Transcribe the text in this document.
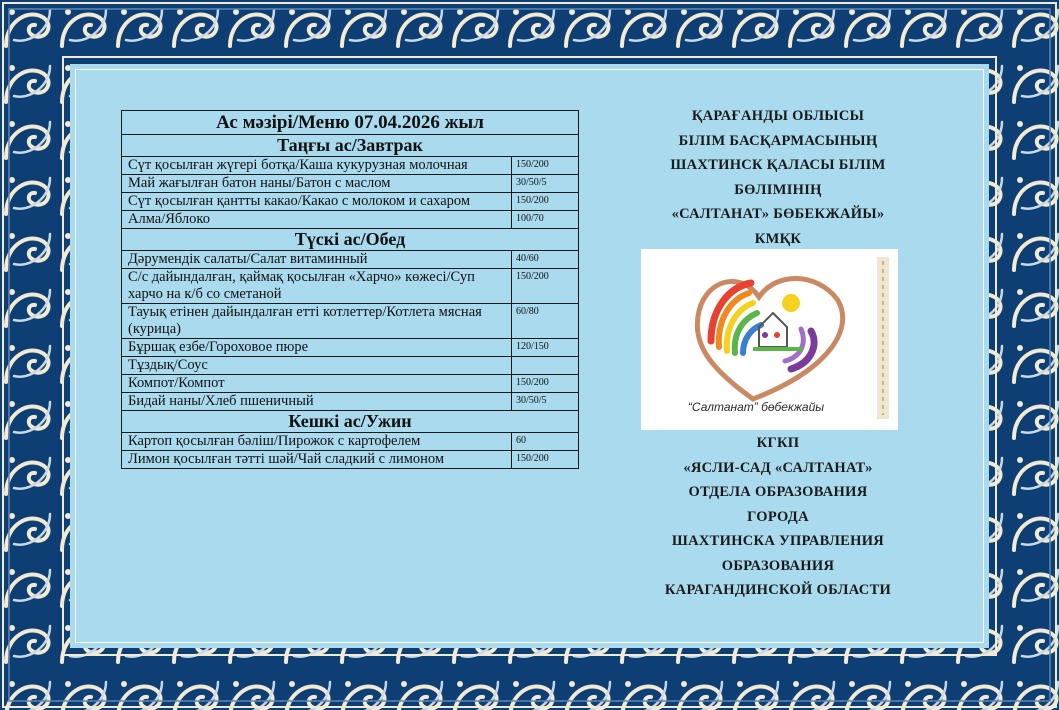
Ас мәзірі/Меню 07.04.2026 жыл	
Таңғы ас/Завтрак	
Сүт қосылған жүгері ботқа/Каша кукурузная молочная	150/200
Май жағылған батон наны/Батон с маслом	30/50/5
Сүт қосылған қантты какао/Какао с молоком и сахаром	150/200
Алма/Яблоко	100/70
Түскі ас/Обед	
Дәрумендік салаты/Салат витаминный	40/60
С/с дайындалған, қаймақ қосылған «Харчо» көжесі/Суп харчо на к/б со сметаной	150/200
Тауық етінен дайындалған етті котлеттер/Котлета мясная (курица)	60/80
Бұршақ езбе/Гороховое пюре	120/150
Тұздық/Соус	
Компот/Компот	150/200
Бидай наны/Хлеб пшеничный	30/50/5
Кешкі ас/Ужин	
Картоп қосылған бәліш/Пирожок с картофелем	60
Лимон қосылған тәтті шәй/Чай сладкий с лимоном	150/200
ҚАРАҒАНДЫ ОБЛЫСЫ
БІЛІМ БАСҚАРМАСЫНЫҢ
ШАХТИНСК ҚАЛАСЫ БІЛІМ
БӨЛІМІНІҢ
«САЛТАНАТ» БӨБЕКЖАЙЫ»
КМҚК
“Салтанат” бөбекжайы
КГКП
«ЯСЛИ-САД «САЛТАНАТ»
ОТДЕЛА ОБРАЗОВАНИЯ
ГОРОДА
ШАХТИНСКА УПРАВЛЕНИЯ
ОБРАЗОВАНИЯ
КАРАГАНДИНСКОЙ ОБЛАСТИ
